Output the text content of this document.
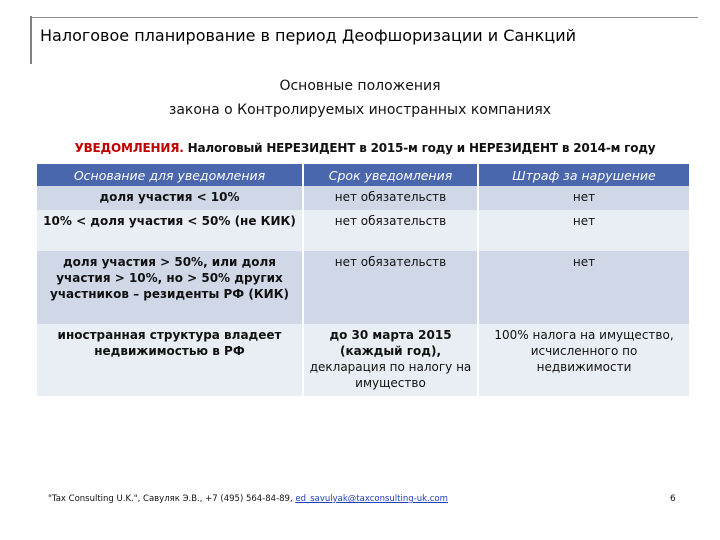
Налоговое планирование в период Деофшоризации и Санкций
Основные положения
закона о Контролируемых иностранных компаниях
УВЕДОМЛЕНИЯ. Налоговый НЕРЕЗИДЕНТ в 2015-м году и НЕРЕЗИДЕНТ в 2014-м году
Основание для уведомления	Срок уведомления	Штраф за нарушение
доля участия < 10%	нет обязательств	нет
10% < доля участия < 50% (не КИК)	нет обязательств	нет
доля участия > 50%, или доля участия > 10%, но > 50% других участников – резиденты РФ (КИК)	нет обязательств	нет
иностранная структура владеет недвижимостью в РФ	до 30 марта 2015 (каждый год), декларация по налогу на имущество	100% налога на имущество, исчисленного по недвижимости
"Tax Consulting U.K.", Савуляк Э.В., +7 (495) 564-84-89, ed_savulyak@taxconsulting-uk.com	6
